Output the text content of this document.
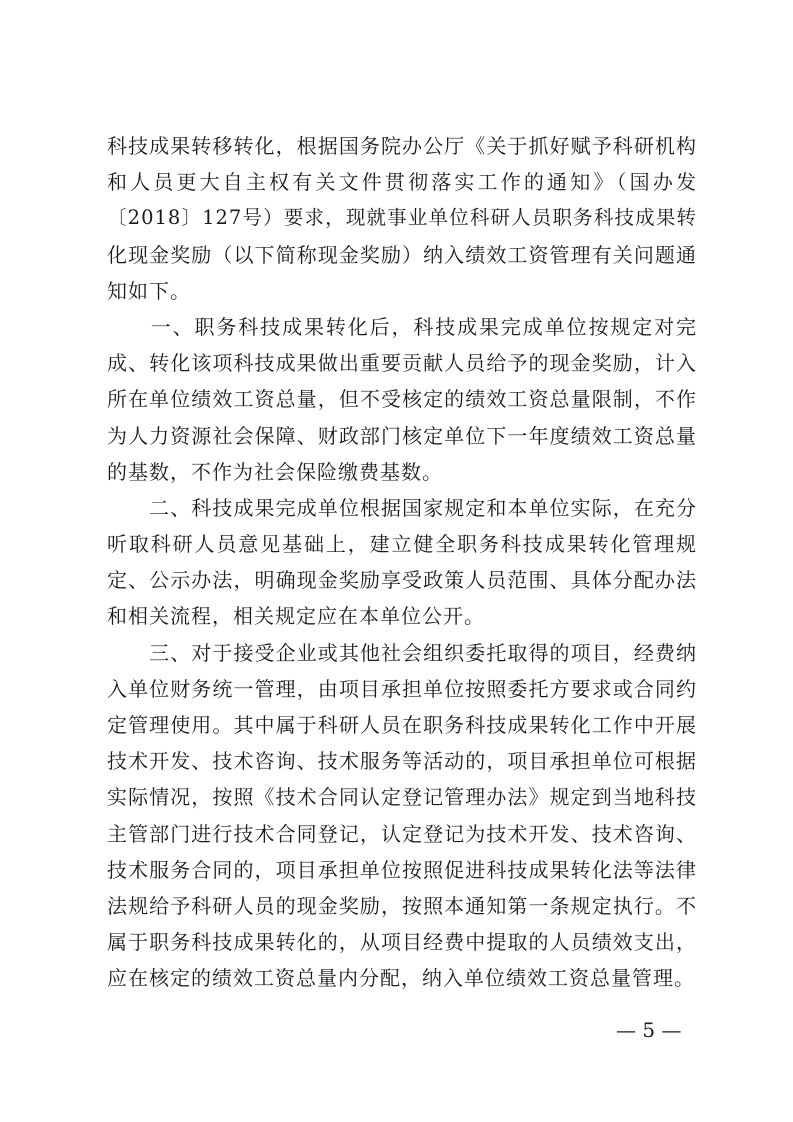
科技成果转移转化，根据国务院办公厅《关于抓好赋予科研机构
和人员更大自主权有关文件贯彻落实工作的通知》（国办发
〔2018〕127号）要求，现就事业单位科研人员职务科技成果转
化现金奖励（以下简称现金奖励）纳入绩效工资管理有关问题通
知如下。
　　一、职务科技成果转化后，科技成果完成单位按规定对完
成、转化该项科技成果做出重要贡献人员给予的现金奖励，计入
所在单位绩效工资总量，但不受核定的绩效工资总量限制，不作
为人力资源社会保障、财政部门核定单位下一年度绩效工资总量
的基数，不作为社会保险缴费基数。
　　二、科技成果完成单位根据国家规定和本单位实际，在充分
听取科研人员意见基础上，建立健全职务科技成果转化管理规
定、公示办法，明确现金奖励享受政策人员范围、具体分配办法
和相关流程，相关规定应在本单位公开。
　　三、对于接受企业或其他社会组织委托取得的项目，经费纳
入单位财务统一管理，由项目承担单位按照委托方要求或合同约
定管理使用。其中属于科研人员在职务科技成果转化工作中开展
技术开发、技术咨询、技术服务等活动的，项目承担单位可根据
实际情况，按照《技术合同认定登记管理办法》规定到当地科技
主管部门进行技术合同登记，认定登记为技术开发、技术咨询、
技术服务合同的，项目承担单位按照促进科技成果转化法等法律
法规给予科研人员的现金奖励，按照本通知第一条规定执行。不
属于职务科技成果转化的，从项目经费中提取的人员绩效支出，
应在核定的绩效工资总量内分配，纳入单位绩效工资总量管理。
— 5 —
